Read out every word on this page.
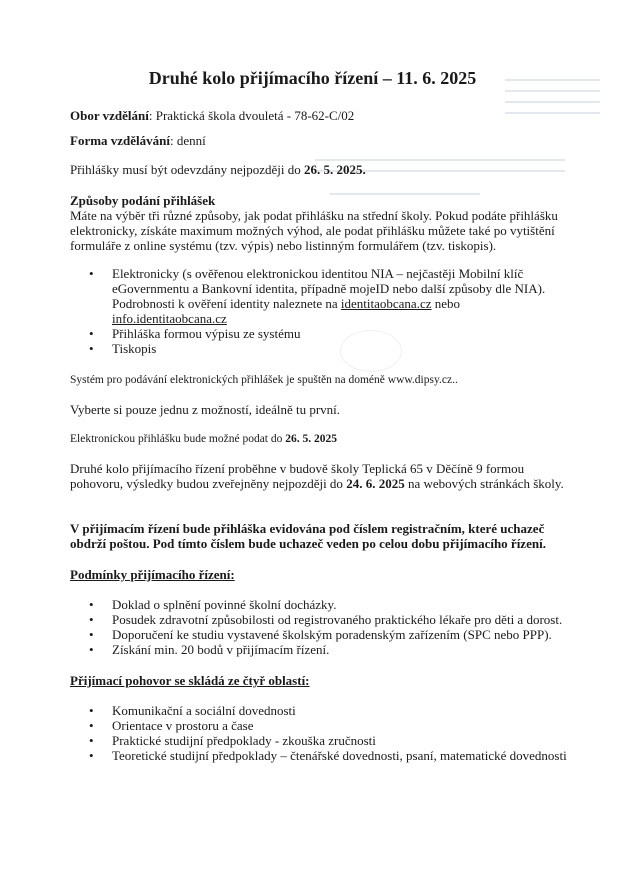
Druhé kolo přijímacího řízení – 11. 6. 2025
Obor vzdělání: Praktická škola dvouletá - 78-62-C/02
Forma vzdělávání: denní
Přihlášky musí být odevzdány nejpozději do 26. 5. 2025.
Způsoby podání přihlášek
Máte na výběr tři různé způsoby, jak podat přihlášku na střední školy. Pokud podáte přihlášku elektronicky, získáte maximum možných výhod, ale podat přihlášku můžete také po vytištění formuláře z online systému (tzv. výpis) nebo listinným formulářem (tzv. tiskopis).
• Elektronicky (s ověřenou elektronickou identitou NIA – nejčastěji Mobilní klíč eGovernmentu a Bankovní identita, případně mojeID nebo další způsoby dle NIA). Podrobnosti k ověření identity naleznete na identitaobcana.cz nebo info.identitaobcana.cz
• Přihláška formou výpisu ze systému
• Tiskopis
Systém pro podávání elektronických přihlášek je spuštěn na doméně www.dipsy.cz..
Vyberte si pouze jednu z možností, ideálně tu první.
Elektronickou přihlášku bude možné podat do 26. 5. 2025
Druhé kolo přijímacího řízení proběhne v budově školy Teplická 65 v Děčíně 9 formou pohovoru, výsledky budou zveřejněny nejpozději do 24. 6. 2025 na webových stránkách školy.
V přijímacím řízení bude přihláška evidována pod číslem registračním, které uchazeč obdrží poštou. Pod tímto číslem bude uchazeč veden po celou dobu přijímacího řízení.
Podmínky přijímacího řízení:
• Doklad o splnění povinné školní docházky.
• Posudek zdravotní způsobilosti od registrovaného praktického lékaře pro děti a dorost.
• Doporučení ke studiu vystavené školským poradenským zařízením (SPC nebo PPP).
• Získání min. 20 bodů v přijímacím řízení.
Přijímací pohovor se skládá ze čtyř oblastí:
• Komunikační a sociální dovednosti
• Orientace v prostoru a čase
• Praktické studijní předpoklady - zkouška zručnosti
• Teoretické studijní předpoklady – čtenářské dovednosti, psaní, matematické dovednosti
